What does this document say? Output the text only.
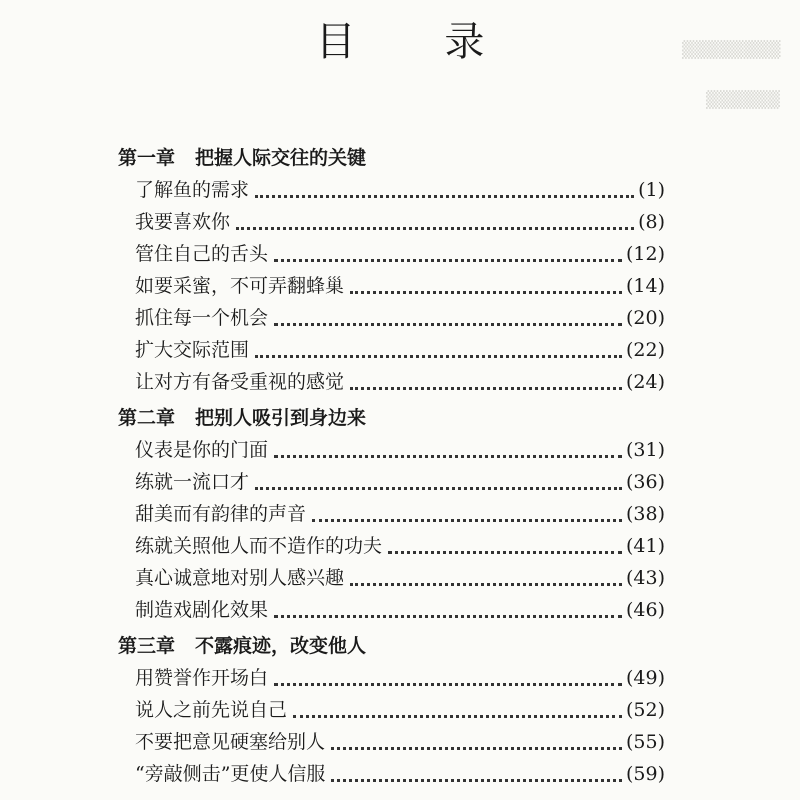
目 录	▒▒▒▒▒▒▒▒
▒▒▒▒▒▒
第一章 把握人际交往的关键
了解鱼的需求	(1)
我要喜欢你	(8)
管住自己的舌头	(12)
如要采蜜，不可弄翻蜂巢	(14)
抓住每一个机会	(20)
扩大交际范围	(22)
让对方有备受重视的感觉	(24)
第二章 把别人吸引到身边来
仪表是你的门面	(31)
练就一流口才	(36)
甜美而有韵律的声音	(38)
练就关照他人而不造作的功夫	(41)
真心诚意地对别人感兴趣	(43)
制造戏剧化效果	(46)
第三章 不露痕迹，改变他人
用赞誉作开场白	(49)
说人之前先说自己	(52)
不要把意见硬塞给别人	(55)
“旁敲侧击”更使人信服	(59)
